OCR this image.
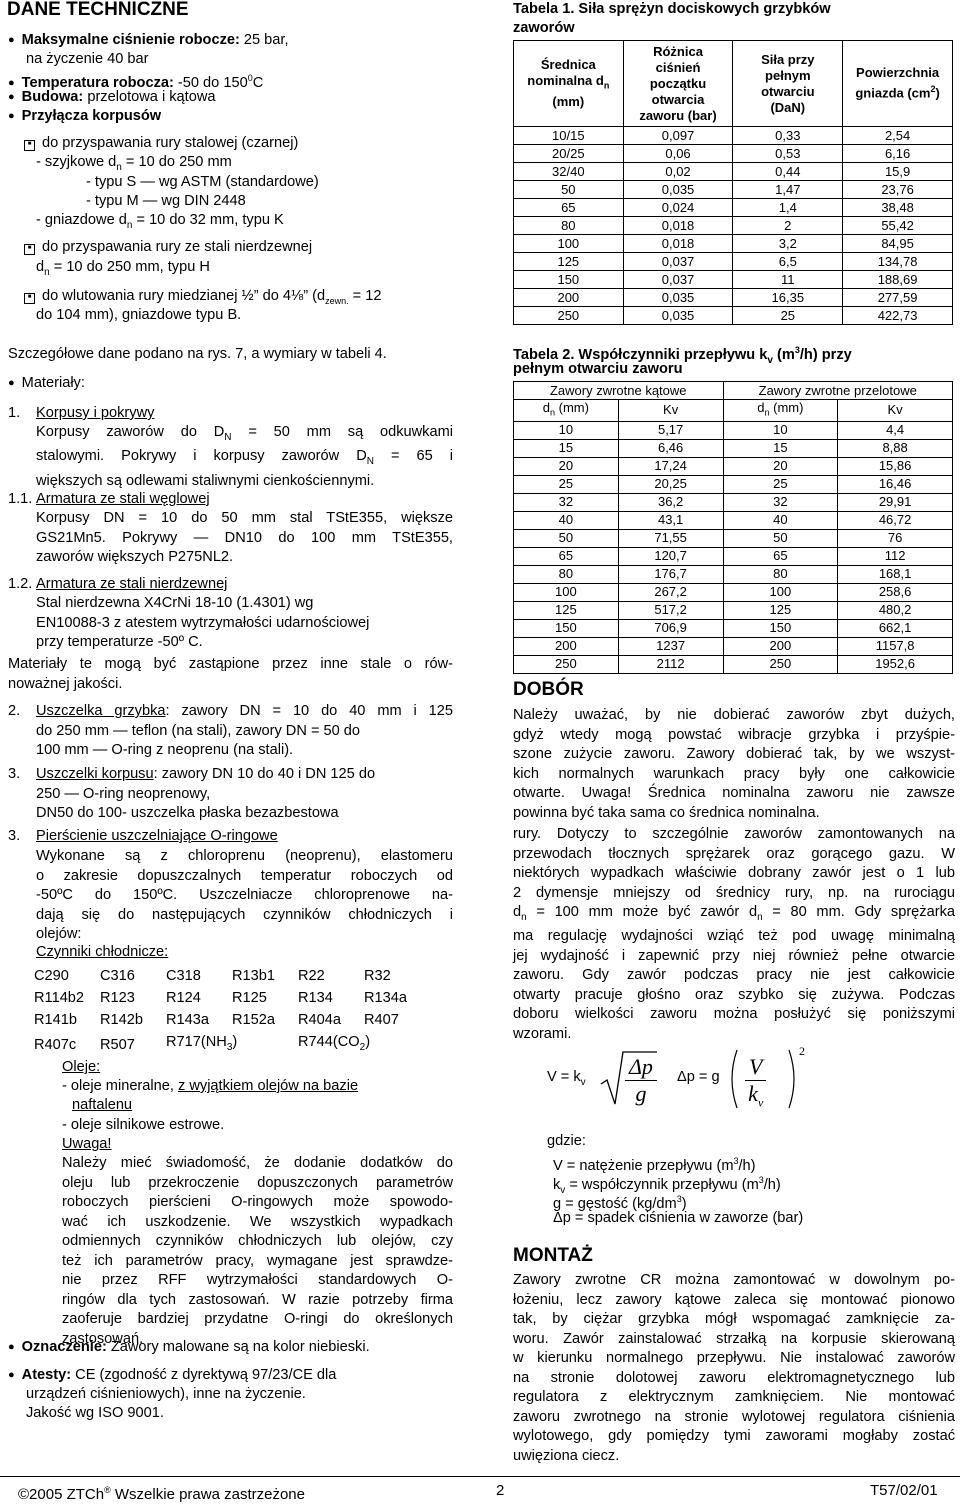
DANE TECHNICZNE
● Maksymalne ciśnienie robocze: 25 bar,
na życzenie 40 bar
● Temperatura robocza: -50 do $150^0C$
● Budowa: przelotowa i kątowa
● Przyłącza korpusów
■ do przyspawania rury stalowej (czarnej)
- szyjkowe $d_n = 10$ do 250 mm
- typu S — wg ASTM (standardowe)
- typu M — wg DIN 2448
- gniazdowe $d_n = 10$ do 32 mm, typu K
■ do przyspawania rury ze stali nierdzewnej
$d_n = 10$ do 250 mm, typu H
■ do wlutowania rury miedzianej ½” do 4⅛” ($d_{zewn.} = 12$
do 104 mm), gniazdowe typu B.
Szczegółowe dane podano na rys. 7, a wymiary w tabeli 4.
● Materiały:
1. Korpusy i pokrywy
Korpusy zaworów do $D_N = 50$ mm są odkuwkami
stalowymi. Pokrywy i korpusy zaworów $D_N = 65$ i
większych są odlewami staliwnymi cienkościennymi.
1.1. Armatura ze stali węglowej
Korpusy DN = 10 do 50 mm stal TStE355, większe
GS21Mn5. Pokrywy — DN10 do 100 mm TStE355,
zaworów większych P275NL2.
1.2. Armatura ze stali nierdzewnej
Stal nierdzewna X4CrNi 18-10 (1.4301) wg
EN10088-3 z atestem wytrzymałości udarnościowej
przy temperaturze -50º C.
Materiały te mogą być zastąpione przez inne stale o rów-
noważnej jakości.
2. Uszczelka grzybka: zawory DN = 10 do 40 mm i 125
do 250 mm — teflon (na stali), zawory DN = 50 do
100 mm — O-ring z neoprenu (na stali).
3. Uszczelki korpusu: zawory DN 10 do 40 i DN 125 do
250 — O-ring neoprenowy,
DN50 do 100- uszczelka płaska bezazbestowa
3. Pierścienie uszczelniające O-ringowe
Wykonane są z chloroprenu (neoprenu), elastomeru
o zakresie dopuszczalnych temperatur roboczych od
-50ºC do 150ºC. Uszczelniacze chloroprenowe na-
dają się do następujących czynników chłodniczych i
olejów:
Czynniki chłodnicze:
C290	C316	C318	R13b1	R22	R32
R114b2	R123	R124	R125	R134	R134a
R141b	R142b	R143a	R152a	R404a	R407
R407c	R507	$R717(NH_3)$		$R744(CO_2)$	
Oleje:
- oleje mineralne, z wyjątkiem olejów na bazie
naftalenu
- oleje silnikowe estrowe.
Uwaga!
Należy mieć świadomość, że dodanie dodatków do
oleju lub przekroczenie dopuszczonych parametrów
roboczych pierścieni O-ringowych może spowodo-
wać ich uszkodzenie. We wszystkich wypadkach
odmiennych czynników chłodniczych lub olejów, czy
też ich parametrów pracy, wymagane jest sprawdze-
nie przez RFF wytrzymałości standardowych O-
ringów dla tych zastosowań. W razie potrzeby firma
zaoferuje bardziej przydatne O-ringi do określonych
zastosowań.
● Oznaczenie: Zawory malowane są na kolor niebieski.
● Atesty: CE (zgodność z dyrektywą 97/23/CE dla
urządzeń ciśnieniowych), inne na życzenie.
Jakość wg ISO 9001.
Tabela 1. Siła sprężyn dociskowych grzybków
zaworów
Średnica nominalna $d_n$
(mm)	Różnica ciśnień początku otwarcia zaworu (bar)	Siła przy pełnym otwarciu (DaN)	Powierzchnia gniazda $(cm^2)$
10/15	0,097	0,33	2,54
20/25	0,06	0,53	6,16
32/40	0,02	0,44	15,9
50	0,035	1,47	23,76
65	0,024	1,4	38,48
80	0,018	2	55,42
100	0,018	3,2	84,95
125	0,037	6,5	134,78
150	0,037	11	188,69
200	0,035	16,35	277,59
250	0,035	25	422,73
Tabela 2. Współczynniki przepływu $k_v$ $(m^3/h)$ przy
pełnym otwarciu zaworu
Zawory zwrotne kątowe		Zawory zwrotne przelotowe	
$d_n$ (mm)	Kv	$d_n$ (mm)	Kv
10	5,17	10	4,4
15	6,46	15	8,88
20	17,24	20	15,86
25	20,25	25	16,46
32	36,2	32	29,91
40	43,1	40	46,72
50	71,55	50	76
65	120,7	65	112
80	176,7	80	168,1
100	267,2	100	258,6
125	517,2	125	480,2
150	706,9	150	662,1
200	1237	200	1157,8
250	2112	250	1952,6
DOBÓR
Należy uważać, by nie dobierać zaworów zbyt dużych,
gdyż wtedy mogą powstać wibracje grzybka i przyśpie-
szone zużycie zaworu. Zawory dobierać tak, by we wszyst-
kich normalnych warunkach pracy były one całkowicie
otwarte. Uwaga! Średnica nominalna zaworu nie zawsze
powinna być taka sama co średnica nominalna.
rury. Dotyczy to szczególnie zaworów zamontowanych na
przewodach tłocznych sprężarek oraz gorącego gazu. W
niektórych wypadkach właściwie dobrany zawór jest o 1 lub
2 dymensje mniejszy od średnicy rury, np. na rurociągu
$d_n = 100$ mm może być zawór $d_n = 80$ mm. Gdy sprężarka
ma regulację wydajności wziąć też pod uwagę minimalną
jej wydajność i zapewnić przy niej również pełne otwarcie
zaworu. Gdy zawór podczas pracy nie jest całkowicie
otwarty pracuje głośno oraz szybko się zużywa. Podczas
doboru wielkości zaworu można posłużyć się poniższymi
wzorami.
$V = k_v \frac{\Delta p}{g}$ Δp = g $\frac{V}{k_v}$
2
gdzie:
V = natężenie przepływu $(m^3/h)$
$k_v$ = współczynnik przepływu $(m^3/h)$
g = gęstość $(kg/dm^3)$
Δp = spadek ciśnienia w zaworze (bar)
MONTAŻ
Zawory zwrotne CR można zamontować w dowolnym po-
łożeniu, lecz zawory kątowe zaleca się montować pionowo
tak, by ciężar grzybka mógł wspomagać zamknięcie za-
woru. Zawór zainstalować strzałką na korpusie skierowaną
w kierunku normalnego przepływu. Nie instalować zaworów
na stronie dolotowej zaworu elektromagnetycznego lub
regulatora z elektrycznym zamknięciem. Nie montować
zaworu zwrotnego na stronie wylotowej regulatora ciśnienia
wylotowego, gdy pomiędzy tymi zaworami mogłaby zostać
uwięziona ciecz.
©2005 ZTCh® Wszelkie prawa zastrzeżone	2	T57/02/01
